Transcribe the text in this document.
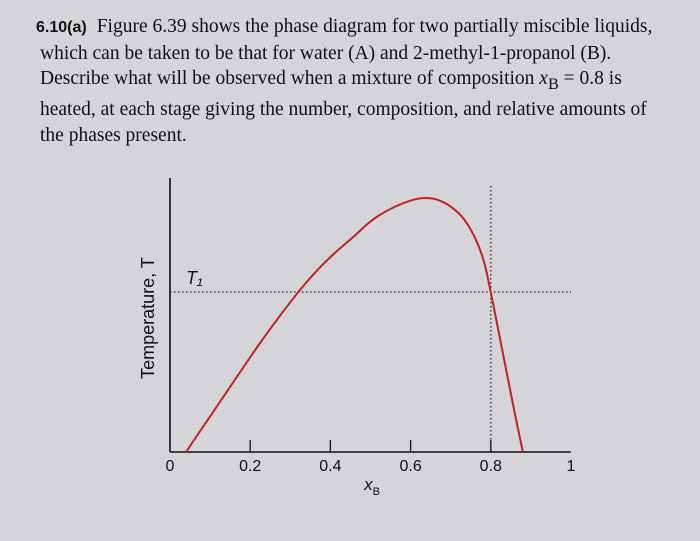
6.10(a) Figure 6.39 shows the phase diagram for two partially miscible liquids,
which can be taken to be that for water (A) and 2-methyl-1-propanol (B).
Describe what will be observed when a mixture of composition $x_B = 0.8$ is
heated, at each stage giving the number, composition, and relative amounts of
the phases present.
T₁
0	0.2	0.4	0.6	0.8	1
Temperature, T
$x_B$
